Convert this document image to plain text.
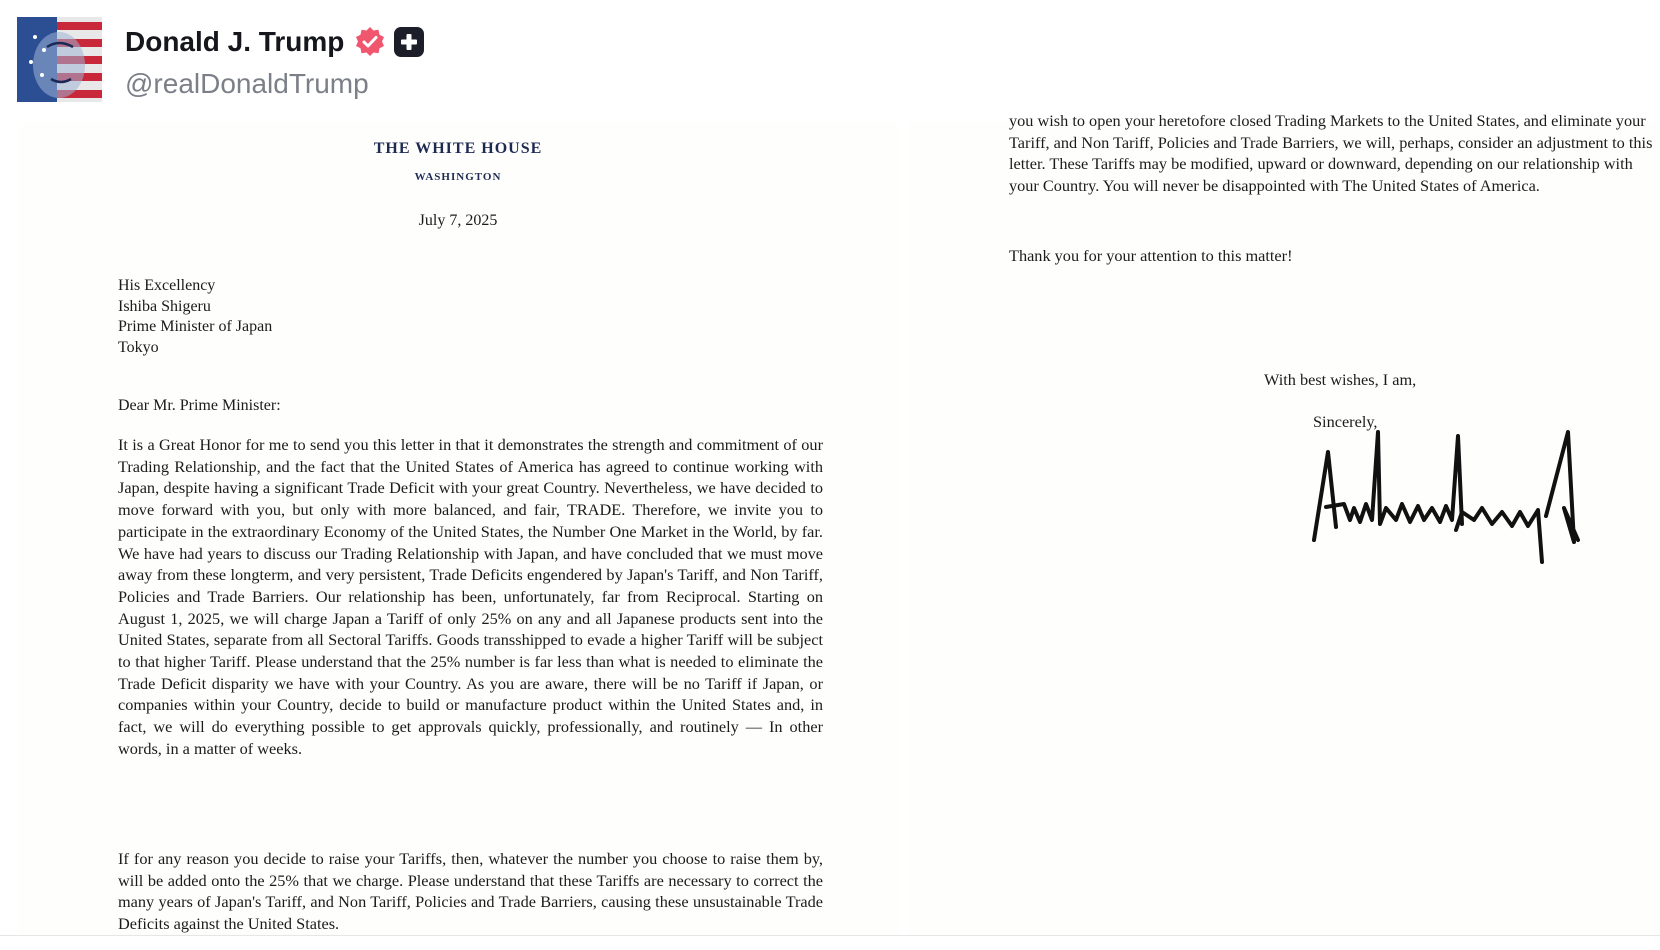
Donald J. Trump
@realDonaldTrump
THE WHITE HOUSE
WASHINGTON
July 7, 2025
His Excellency
Ishiba Shigeru
Prime Minister of Japan
Tokyo
Dear Mr. Prime Minister:

It is a Great Honor for me to send you this letter in that it demonstrates the strength and commitment of our Trading Relationship, and the fact that the United States of America has agreed to continue working with Japan, despite having a significant Trade Deficit with your great Country. Nevertheless, we have decided to move forward with you, but only with more balanced, and fair, TRADE. Therefore, we invite you to participate in the extraordinary Economy of the United States, the Number One Market in the World, by far. We have had years to discuss our Trading Relationship with Japan, and have concluded that we must move away from these longterm, and very persistent, Trade Deficits engendered by Japan's Tariff, and Non Tariff, Policies and Trade Barriers. Our relationship has been, unfortunately, far from Reciprocal. Starting on August 1, 2025, we will charge Japan a Tariff of only 25% on any and all Japanese products sent into the United States, separate from all Sectoral Tariffs. Goods transshipped to evade a higher Tariff will be subject to that higher Tariff. Please understand that the 25% number is far less than what is needed to eliminate the Trade Deficit disparity we have with your Country. As you are aware, there will be no Tariff if Japan, or companies within your Country, decide to build or manufacture product within the United States and, in fact, we will do everything possible to get approvals quickly, professionally, and routinely — In other words, in a matter of weeks.

If for any reason you decide to raise your Tariffs, then, whatever the number you choose to raise them by, will be added onto the 25% that we charge. Please understand that these Tariffs are necessary to correct the many years of Japan's Tariff, and Non Tariff, Policies and Trade Barriers, causing these unsustainable Trade Deficits against the United States.

you wish to open your heretofore closed Trading Markets to the United States, and eliminate your Tariff, and Non Tariff, Policies and Trade Barriers, we will, perhaps, consider an adjustment to this letter. These Tariffs may be modified, upward or downward, depending on our relationship with your Country. You will never be disappointed with The United States of America.

Thank you for your attention to this matter!
With best wishes, I am,
Sincerely,
